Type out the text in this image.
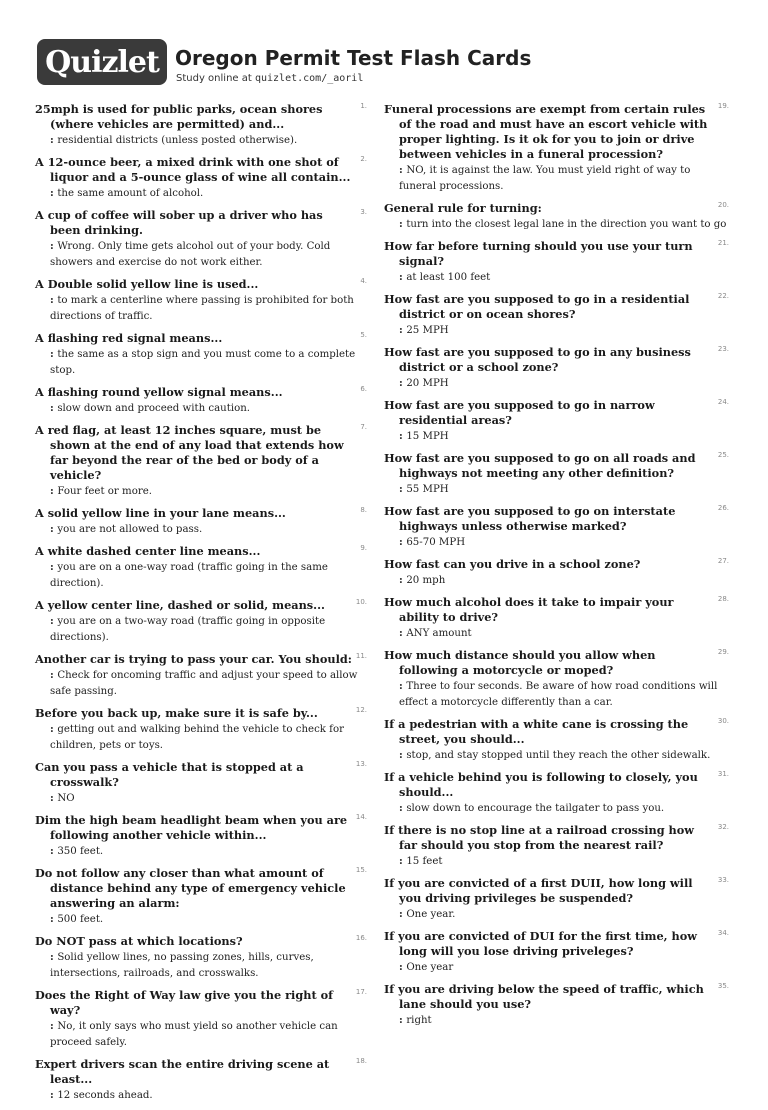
Quizlet Oregon Permit Test Flash Cards
Study online at quizlet.com/_aoril
25mph is used for public parks, ocean shores (where vehicles are permitted) and...
1.
: residential districts (unless posted otherwise).
A 12-ounce beer, a mixed drink with one shot of liquor and a 5-ounce glass of wine all contain...
2.
: the same amount of alcohol.
A cup of coffee will sober up a driver who has been drinking.
3.
: Wrong. Only time gets alcohol out of your body. Cold showers and exercise do not work either.
A Double solid yellow line is used...	4.
: to mark a centerline where passing is prohibited for both directions of traffic.
A flashing red signal means...	5.
: the same as a stop sign and you must come to a complete stop.
A flashing round yellow signal means...	6.
: slow down and proceed with caution.
A red flag, at least 12 inches square, must be shown at the end of any load that extends how far beyond the rear of the bed or body of a vehicle?
7.
: Four feet or more.
A solid yellow line in your lane means...	8.
: you are not allowed to pass.
A white dashed center line means...	9.
: you are on a one-way road (traffic going in the same direction).
A yellow center line, dashed or solid, means...	10.
: you are on a two-way road (traffic going in opposite directions).
Another car is trying to pass your car. You should: 11.
: Check for oncoming traffic and adjust your speed to allow safe passing.
Before you back up, make sure it is safe by...	12.
: getting out and walking behind the vehicle to check for children, pets or toys.
Can you pass a vehicle that is stopped at a crosswalk?
13.
: NO
Dim the high beam headlight beam when you are following another vehicle within...
14.
: 350 feet.
Do not follow any closer than what amount of distance behind any type of emergency vehicle answering an alarm:
15.
: 500 feet.
Do NOT pass at which locations?	16.
: Solid yellow lines, no passing zones, hills, curves, intersections, railroads, and crosswalks.
Does the Right of Way law give you the right of way?
17.
: No, it only says who must yield so another vehicle can proceed safely.
Expert drivers scan the entire driving scene at least...
18.
: 12 seconds ahead.
Funeral processions are exempt from certain rules of the road and must have an escort vehicle with proper lighting. Is it ok for you to join or drive between vehicles in a funeral procession?
19.
: NO, it is against the law. You must yield right of way to funeral processions.
General rule for turning:	20.
: turn into the closest legal lane in the direction you want to go
How far before turning should you use your turn signal?
21.
: at least 100 feet
How fast are you supposed to go in a residential district or on ocean shores?
22.
: 25 MPH
How fast are you supposed to go in any business district or a school zone?
23.
: 20 MPH
How fast are you supposed to go in narrow residential areas?
24.
: 15 MPH
How fast are you supposed to go on all roads and highways not meeting any other definition?
25.
: 55 MPH
How fast are you supposed to go on interstate highways unless otherwise marked?
26.
: 65-70 MPH
How fast can you drive in a school zone?	27.
: 20 mph
How much alcohol does it take to impair your ability to drive?
28.
: ANY amount
How much distance should you allow when following a motorcycle or moped?
29.
: Three to four seconds. Be aware of how road conditions will effect a motorcycle differently than a car.
If a pedestrian with a white cane is crossing the street, you should...
30.
: stop, and stay stopped until they reach the other sidewalk.
If a vehicle behind you is following to closely, you should...
31.
: slow down to encourage the tailgater to pass you.
If there is no stop line at a railroad crossing how far should you stop from the nearest rail?
32.
: 15 feet
If you are convicted of a first DUII, how long will you driving privileges be suspended?
33.
: One year.
If you are convicted of DUI for the first time, how long will you lose driving priveleges?
34.
: One year
If you are driving below the speed of traffic, which lane should you use?
35.
: right
